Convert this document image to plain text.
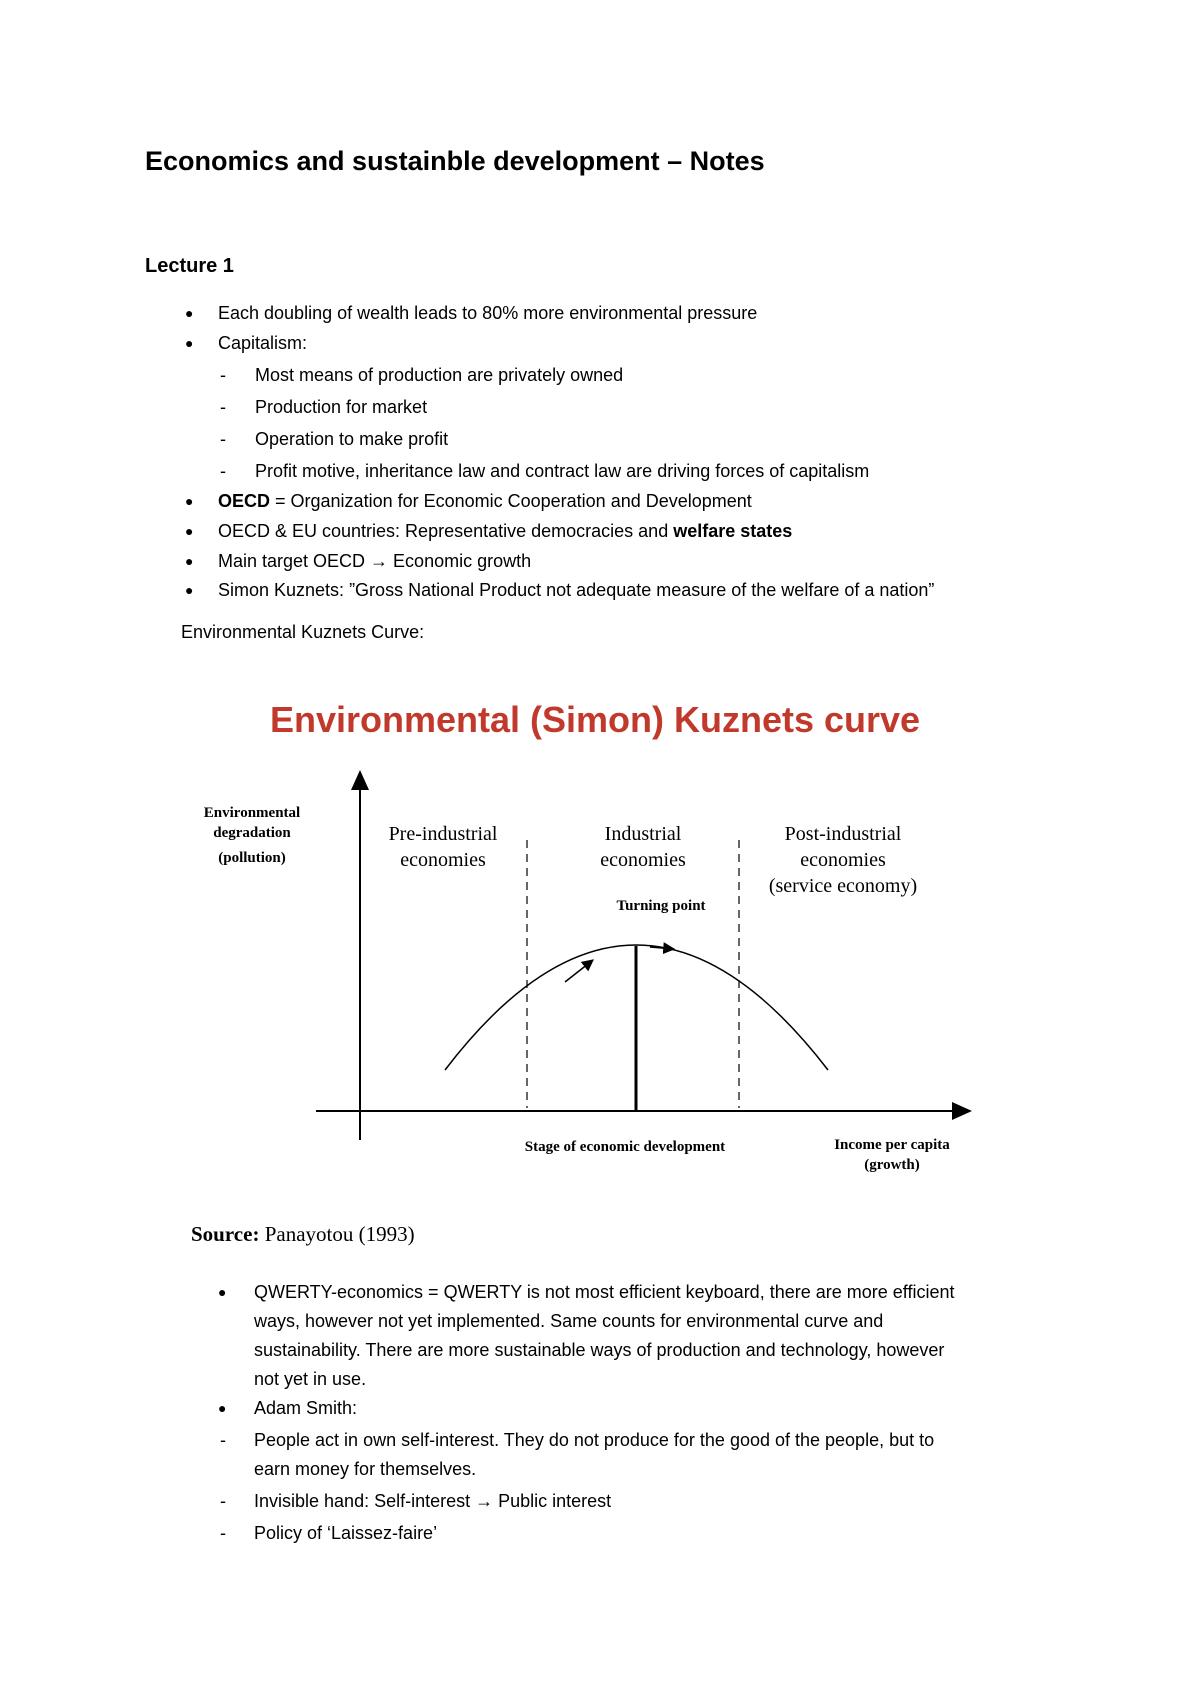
Economics and sustainble development – Notes
Lecture 1
●	Each doubling of wealth leads to 80% more environmental pressure
●	Capitalism:
-	Most means of production are privately owned
-	Production for market
-	Operation to make profit
-	Profit motive, inheritance law and contract law are driving forces of capitalism
●	OECD = Organization for Economic Cooperation and Development
●	OECD & EU countries: Representative democracies and welfare states
●	Main target OECD → Economic growth
●	Simon Kuznets: ”Gross National Product not adequate measure of the welfare of a nation”
Environmental Kuznets Curve:
Environmental (Simon) Kuznets curve
Environmental
degradation
(pollution)
Pre-industrial
economies
Industrial
economies
Post-industrial
economies
(service economy)
Turning point
Stage of economic development	Income per capita
(growth)
Source: Panayotou (1993)
●	QWERTY-economics = QWERTY is not most efficient keyboard, there are more efficient
ways, however not yet implemented. Same counts for environmental curve and
sustainability. There are more sustainable ways of production and technology, however
not yet in use.
●	Adam Smith:
-	People act in own self-interest. They do not produce for the good of the people, but to
earn money for themselves.
-	Invisible hand: Self-interest → Public interest
-	Policy of ‘Laissez-faire’
